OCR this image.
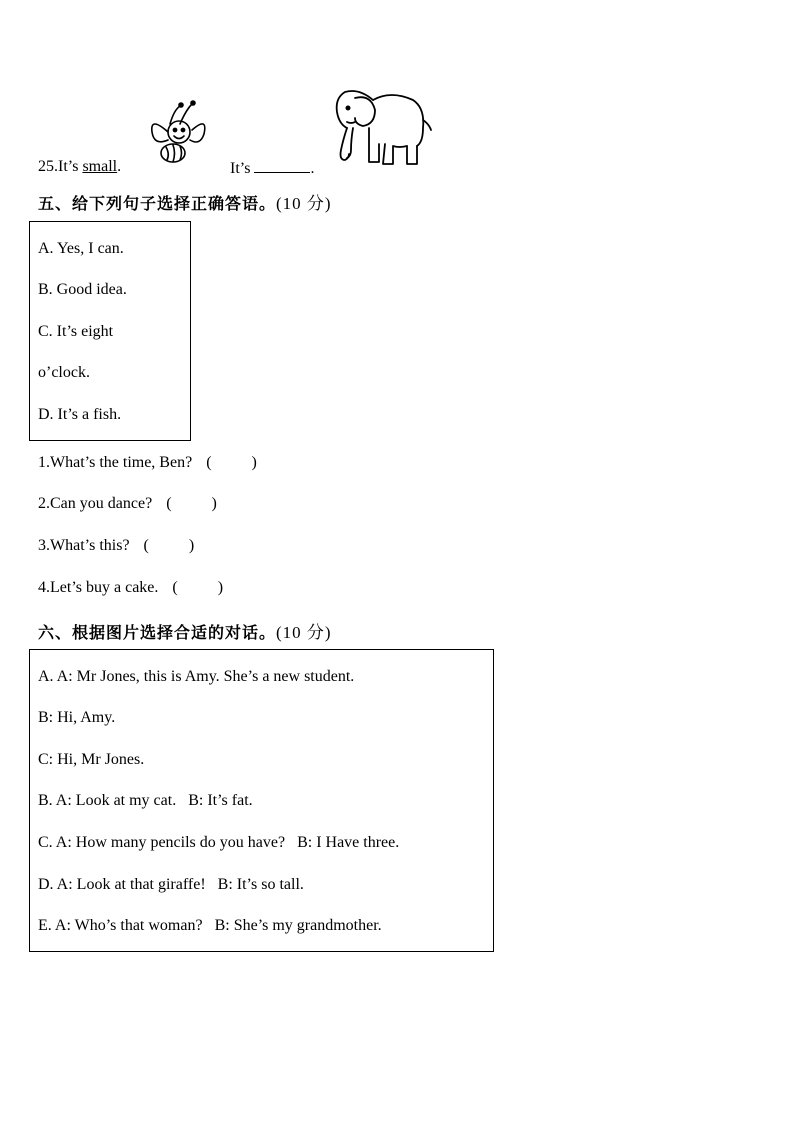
25.It’s small.	It’s	.
五、给下列句子选择正确答语。(10 分)
A. Yes, I can.
B. Good idea.
C. It’s eight
o’clock.
D. It’s a fish.
1.What’s the time, Ben? (          )
2.Can you dance? (          )
3.What’s this? (          )
4.Let’s buy a cake. (          )
六、根据图片选择合适的对话。(10 分)
A. A: Mr Jones, this is Amy. She’s a new student.
B: Hi, Amy.
C: Hi, Mr Jones.
B. A: Look at my cat.   B: It’s fat.
C. A: How many pencils do you have?   B: I Have three.
D. A: Look at that giraffe!   B: It’s so tall.
E. A: Who’s that woman?   B: She’s my grandmother.
